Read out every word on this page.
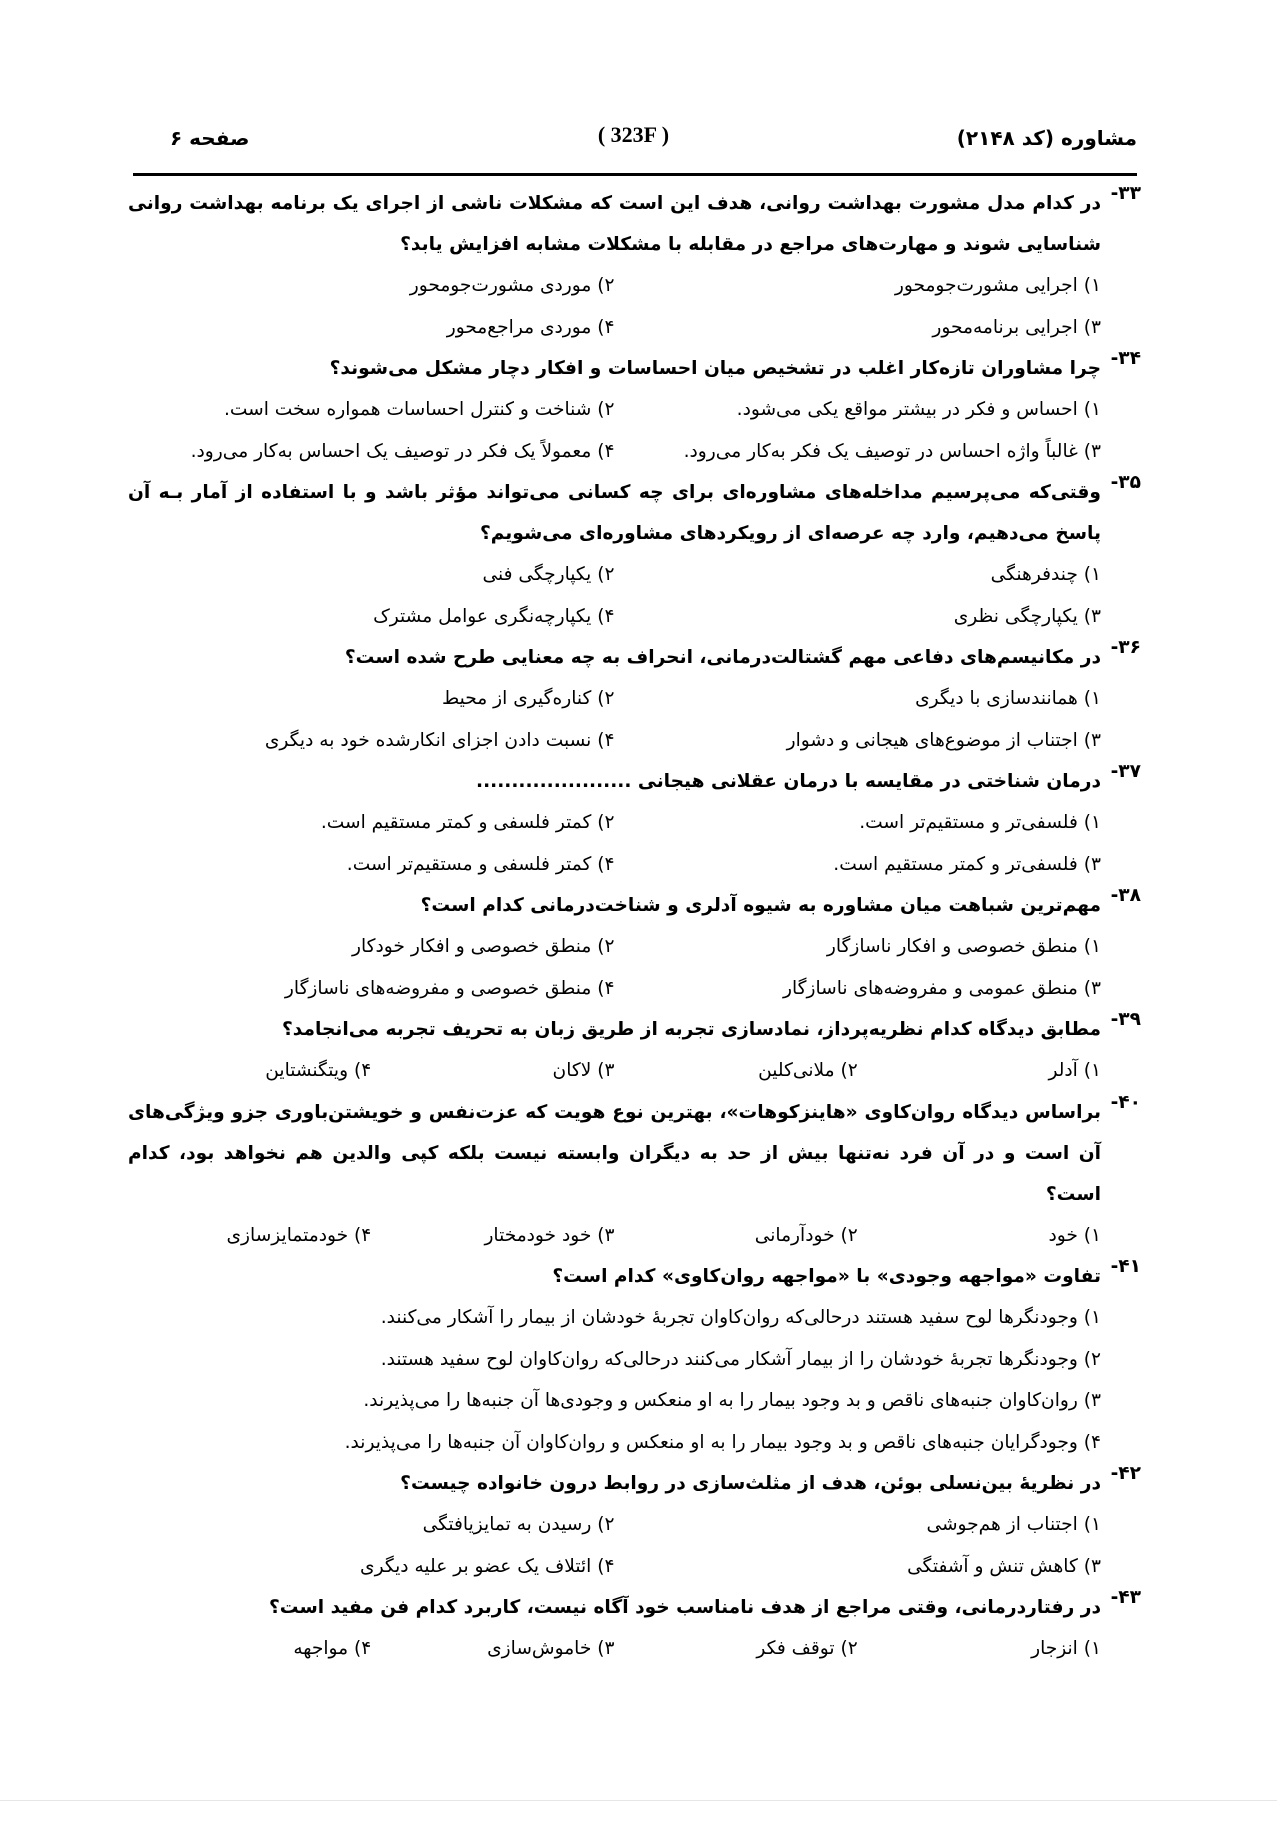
مشاوره (کد ۲۱۴۸)
( 323F )
صفحه ۶
۳۳-
در کدام مدل مشورت بهداشت روانی، هدف این است که مشکلات ناشی از اجرای یک برنامه بهداشت روانی شناسایی شوند و مهارت‌های مراجع در مقابله با مشکلات مشابه افزایش یابد؟
۱) اجرایی مشورت‌جومحور
۲) موردی مشورت‌جومحور
۳) اجرایی برنامه‌محور
۴) موردی مراجع‌محور
۳۴-
چرا مشاوران تازه‌کار اغلب در تشخیص میان احساسات و افکار دچار مشکل می‌شوند؟
۱) احساس و فکر در بیشتر مواقع یکی می‌شود.
۲) شناخت و کنترل احساسات همواره سخت است.
۳) غالباً واژه احساس در توصیف یک فکر به‌کار می‌رود.
۴) معمولاً یک فکر در توصیف یک احساس به‌کار می‌رود.
۳۵-
وقتی‌که می‌پرسیم مداخله‌های مشاوره‌ای برای چه کسانی می‌تواند مؤثر باشد و با استفاده از آمار بـه آن پاسخ می‌دهیم، وارد چه عرصه‌ای از رویکردهای مشاوره‌ای می‌شویم؟
۱) چندفرهنگی
۲) یکپارچگی فنی
۳) یکپارچگی نظری
۴) یکپارچه‌نگری عوامل مشترک
۳۶-
در مکانیسم‌های دفاعی مهم گشتالت‌درمانی، انحراف به چه معنایی طرح شده است؟
۱) همانندسازی با دیگری
۲) کناره‌گیری از محیط
۳) اجتناب از موضوع‌های هیجانی و دشوار
۴) نسبت دادن اجزای انکارشده خود به دیگری
۳۷-
درمان شناختی در مقایسه با درمان عقلانی هیجانی ......................
۱) فلسفی‌تر و مستقیم‌تر است.
۲) کمتر فلسفی و کمتر مستقیم است.
۳) فلسفی‌تر و کمتر مستقیم است.
۴) کمتر فلسفی و مستقیم‌تر است.
۳۸-
مهم‌ترین شباهت میان مشاوره به شیوه آدلری و شناخت‌درمانی کدام است؟
۱) منطق خصوصی و افکار ناسازگار
۲) منطق خصوصی و افکار خودکار
۳) منطق عمومی و مفروضه‌های ناسازگار
۴) منطق خصوصی و مفروضه‌های ناسازگار
۳۹-
مطابق دیدگاه کدام نظریه‌پرداز، نمادسازی تجربه از طریق زبان به تحریف تجربه می‌انجامد؟
۱) آدلر
۲) ملانی‌کلین
۳) لاکان
۴) ویتگنشتاین
۴۰-
براساس دیدگاه روان‌کاوی «هاینزکوهات»، بهترین نوع هویت که عزت‌نفس و خویشتن‌باوری جزو ویژگی‌های آن است و در آن فرد نه‌تنها بیش از حد به دیگران وابسته نیست بلکه کپی والدین هم نخواهد بود، کدام است؟
۱) خود
۲) خودآرمانی
۳) خود خودمختار
۴) خودمتمایزسازی
۴۱-
تفاوت «مواجهه وجودی» با «مواجهه روان‌کاوی» کدام است؟
۱) وجودنگرها لوح سفید هستند درحالی‌که روان‌کاوان تجربهٔ خودشان از بیمار را آشکار می‌کنند.
۲) وجودنگرها تجربهٔ خودشان را از بیمار آشکار می‌کنند درحالی‌که روان‌کاوان لوح سفید هستند.
۳) روان‌کاوان جنبه‌های ناقص و بد وجود بیمار را به او منعکس و وجودی‌ها آن جنبه‌ها را می‌پذیرند.
۴) وجودگرایان جنبه‌های ناقص و بد وجود بیمار را به او منعکس و روان‌کاوان آن جنبه‌ها را می‌پذیرند.
۴۲-
در نظریهٔ بین‌نسلی بوئن، هدف از مثلث‌سازی در روابط درون خانواده چیست؟
۱) اجتناب از هم‌جوشی
۲) رسیدن به تمایزیافتگی
۳) کاهش تنش و آشفتگی
۴) ائتلاف یک عضو بر علیه دیگری
۴۳-
در رفتاردرمانی، وقتی مراجع از هدف نامناسب خود آگاه نیست، کاربرد کدام فن مفید است؟
۱) انزجار
۲) توقف فکر
۳) خاموش‌سازی
۴) مواجهه
